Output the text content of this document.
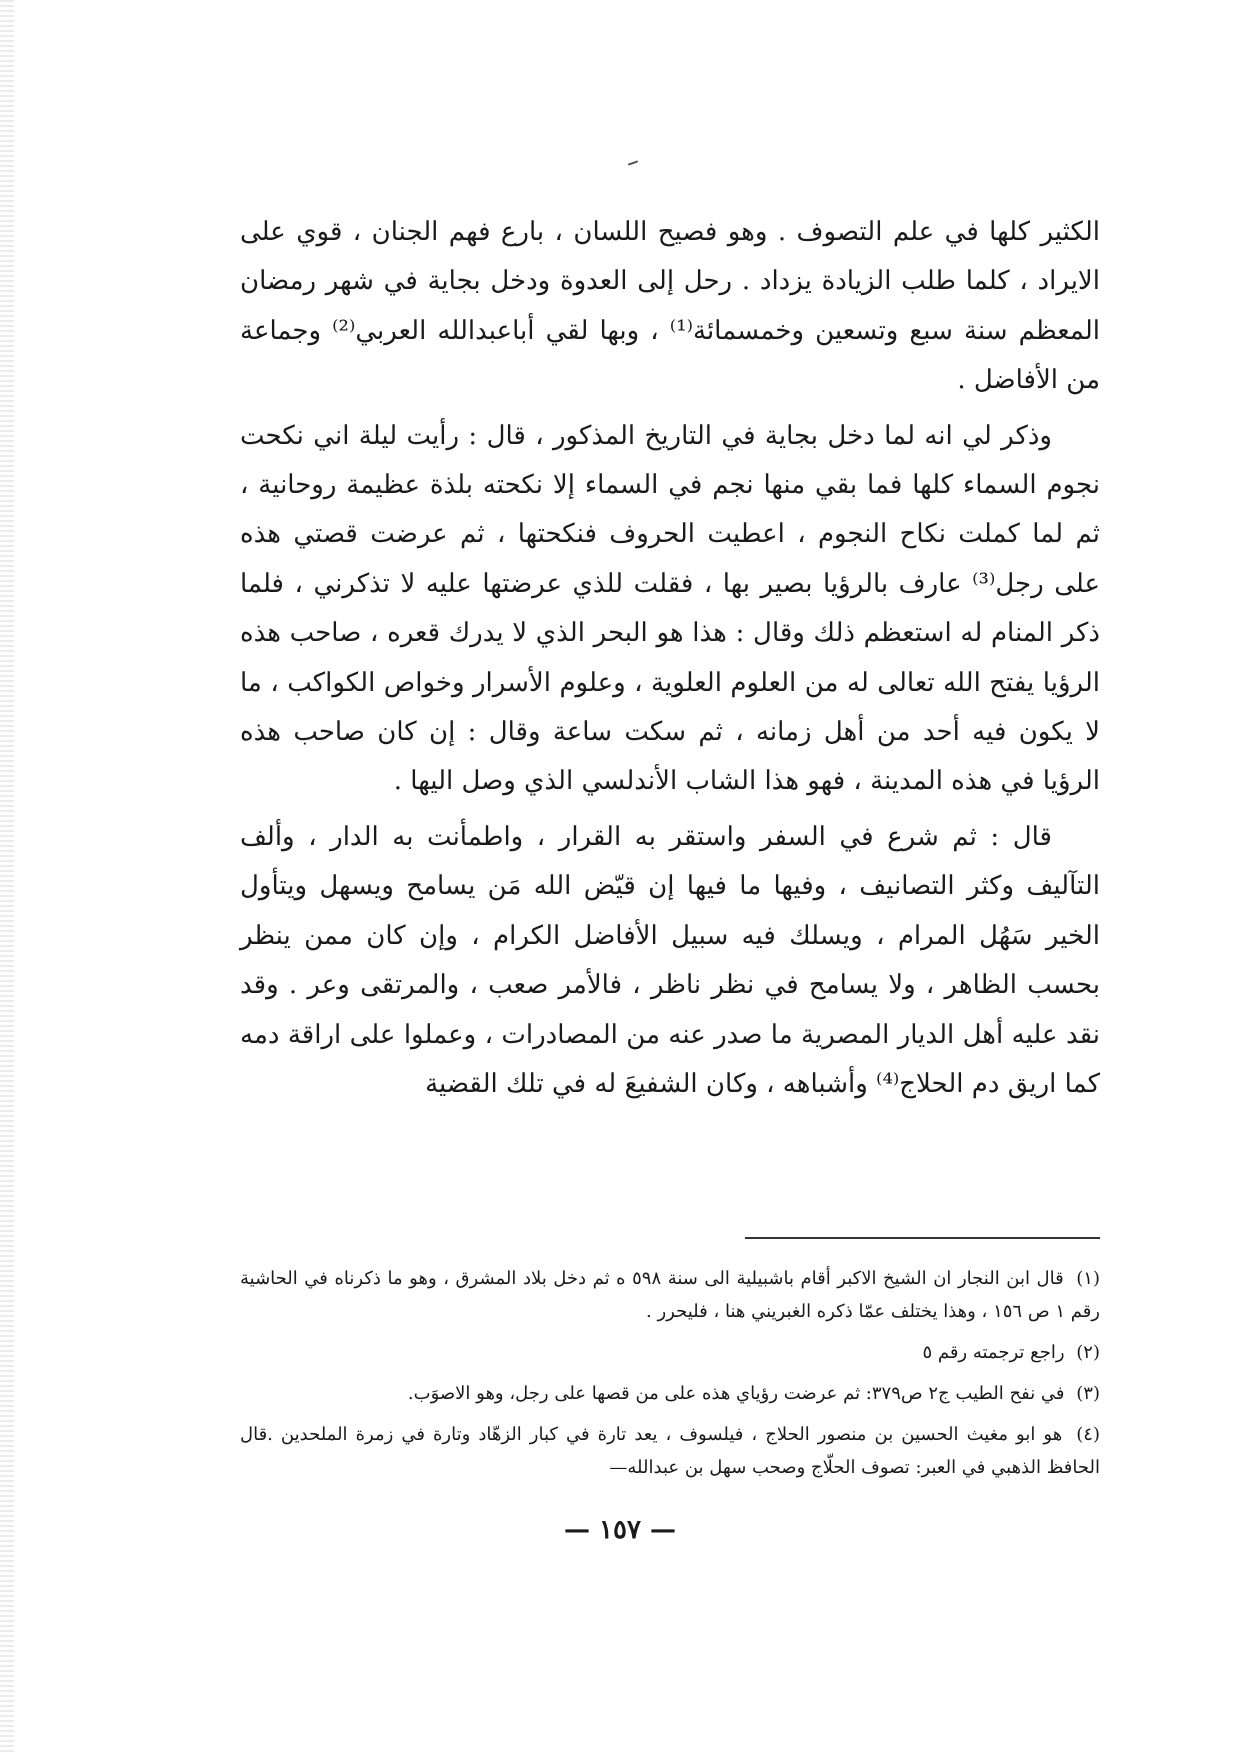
الكثير كلها في علم التصوف . وهو فصيح اللسان ، بارع فهم الجنان ، قوي على الايراد ، كلما طلب الزيادة يزداد . رحل إلى العدوة ودخل بجاية في شهر رمضان المعظم سنة سبع وتسعين وخمسمائة⁽¹⁾ ، وبها لقي أباعبدالله العربي⁽²⁾ وجماعة من الأفاضل .

وذكر لي انه لما دخل بجاية في التاريخ المذكور ، قال : رأيت ليلة اني نكحت نجوم السماء كلها فما بقي منها نجم في السماء إلا نكحته بلذة عظيمة روحانية ، ثم لما كملت نكاح النجوم ، اعطيت الحروف فنكحتها ، ثم عرضت قصتي هذه على رجل⁽³⁾ عارف بالرؤيا بصير بها ، فقلت للذي عرضتها عليه لا تذكرني ، فلما ذكر المنام له استعظم ذلك وقال : هذا هو البحر الذي لا يدرك قعره ، صاحب هذه الرؤيا يفتح الله تعالى له من العلوم العلوية ، وعلوم الأسرار وخواص الكواكب ، ما لا يكون فيه أحد من أهل زمانه ، ثم سكت ساعة وقال : إن كان صاحب هذه الرؤيا في هذه المدينة ، فهو هذا الشاب الأندلسي الذي وصل اليها .

قال : ثم شرع في السفر واستقر به القرار ، واطمأنت به الدار ، وألف التآليف وكثر التصانيف ، وفيها ما فيها إن قيّض الله مَن يسامح ويسهل ويتأول الخير سَهُل المرام ، ويسلك فيه سبيل الأفاضل الكرام ، وإن كان ممن ينظر بحسب الظاهر ، ولا يسامح في نظر ناظر ، فالأمر صعب ، والمرتقى وعر . وقد نقد عليه أهل الديار المصرية ما صدر عنه من المصادرات ، وعملوا على اراقة دمه كما اريق دم الحلاج⁽⁴⁾ وأشباهه ، وكان الشفيعَ له في تلك القضية

(١) قال ابن النجار ان الشيخ الاكبر أقام باشبيلية الى سنة ٥٩٨ ه ثم دخل بلاد المشرق ، وهو ما ذكرناه في الحاشية رقم ١ ص ١٥٦ ، وهذا يختلف عمّا ذكره الغبريني هنا ، فليحرر .

(٢) راجع ترجمته رقم ٥

(٣) في نفح الطيب ج٢ ص٣٧٩: ثم عرضت رؤياي هذه على من قصها على رجل، وهو الاصوَب.

(٤) هو ابو مغيث الحسين بن منصور الحلاج ، فيلسوف ، يعد تارة في كبار الزهّاد وتارة في زمرة الملحدين .قال الحافظ الذهبي في العبر: تصوف الحلّاج وصحب سهل بن عبدالله—

— ١٥٧ —
